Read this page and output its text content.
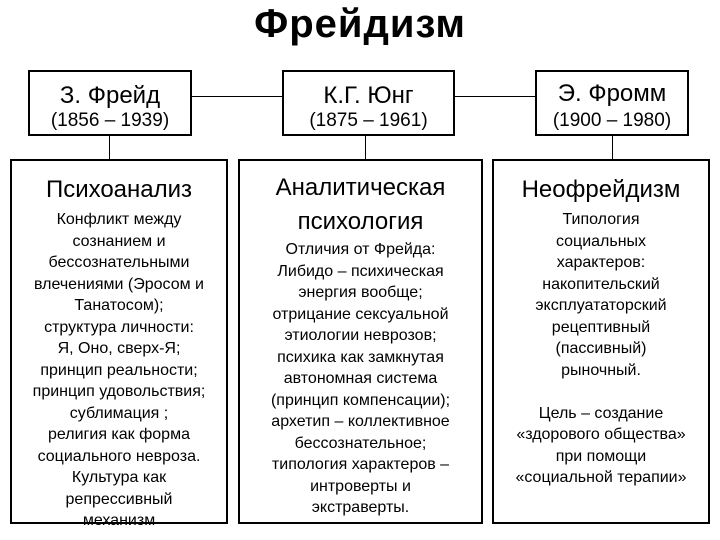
Фрейдизм
З. Фрейд
(1856 – 1939)
К.Г. Юнг
(1875 – 1961)
Э. Фромм
(1900 – 1980)
Психоанализ
Конфликт между
сознанием и
бессознательными
влечениями (Эросом и
Танатосом);
структура личности:
Я, Оно, сверх-Я;
принцип реальности;
принцип удовольствия;
сублимация ;
религия как форма
социального невроза.
Культура как
репрессивный
механизм
Аналитическая
психология
Отличия от Фрейда:
Либидо – психическая
энергия вообще;
отрицание сексуальной
этиологии неврозов;
психика как замкнутая
автономная система
(принцип компенсации);
архетип – коллективное
бессознательное;
типология характеров –
интроверты и
экстраверты.
Неофрейдизм
Типология
социальных
характеров:
накопительский
эксплуататорский
рецептивный
(пассивный)
рыночный.

Цель – создание
«здорового общества»
при помощи
«социальной терапии»
